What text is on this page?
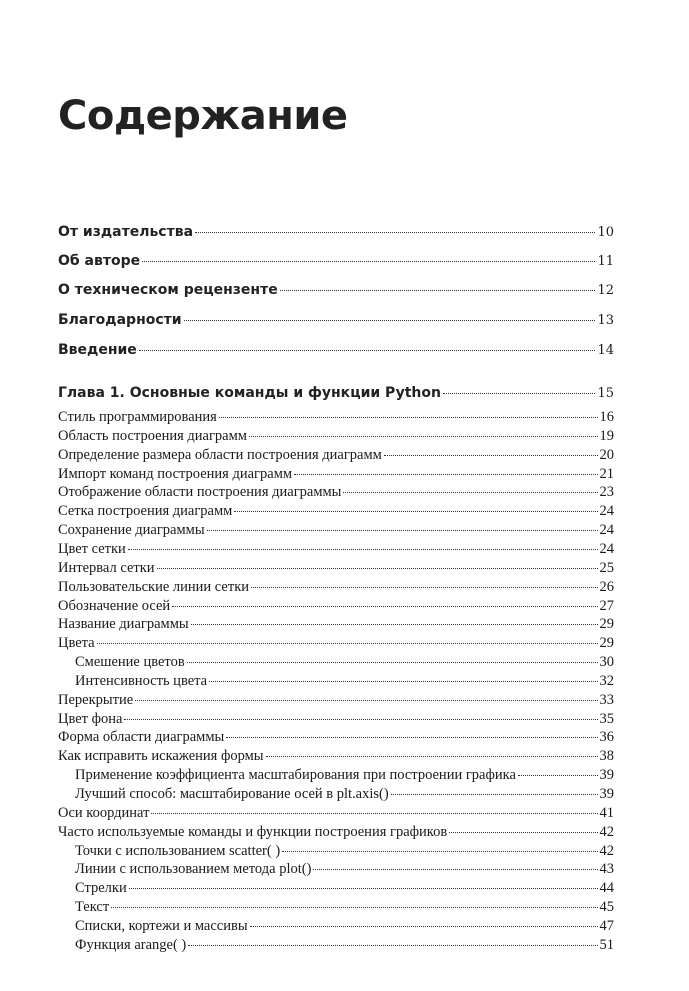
Содержание
От издательства	10
Об авторе	11
О техническом рецензенте	12
Благодарности	13
Введение	14
Глава 1. Основные команды и функции Python	15
Стиль программирования	16
Область построения диаграмм	19
Определение размера области построения диаграмм	20
Импорт команд построения диаграмм	21
Отображение области построения диаграммы	23
Сетка построения диаграмм	24
Сохранение диаграммы	24
Цвет сетки	24
Интервал сетки	25
Пользовательские линии сетки	26
Обозначение осей	27
Название диаграммы	29
Цвета	29
Смешение цветов	30
Интенсивность цвета	32
Перекрытие	33
Цвет фона	35
Форма области диаграммы	36
Как исправить искажения формы	38
Применение коэффициента масштабирования при построении графика	39
Лучший способ: масштабирование осей в plt.axis()	39
Оси координат	41
Часто используемые команды и функции построения графиков	42
Точки с использованием scatter( )	42
Линии с использованием метода plot()	43
Стрелки	44
Текст	45
Списки, кортежи и массивы	47
Функция arange( )	51
